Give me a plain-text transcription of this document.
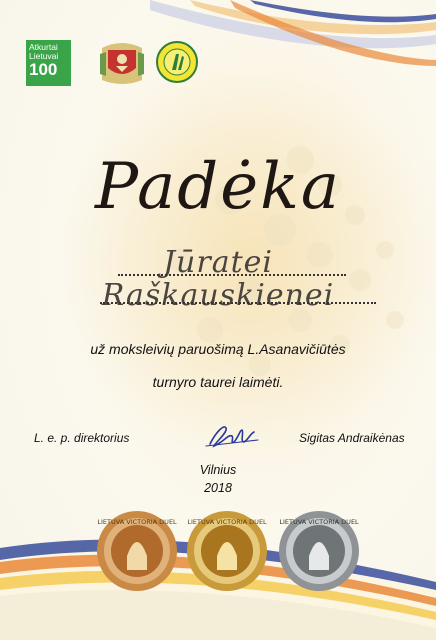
Atkurtai
Lietuvai
100
Padėka
Jūratei
Raškauskienei
už moksleivių paruošimą L.Asanavičiūtės
turnyro taurei laimėti.
L. e. p. direktorius	Sigitas Andraikėnas
Vilnius
2018
LIETUVA VICTORIA DUEL LIETUVA VICTORIA DUEL LIETUVA VICTORIA DUEL
